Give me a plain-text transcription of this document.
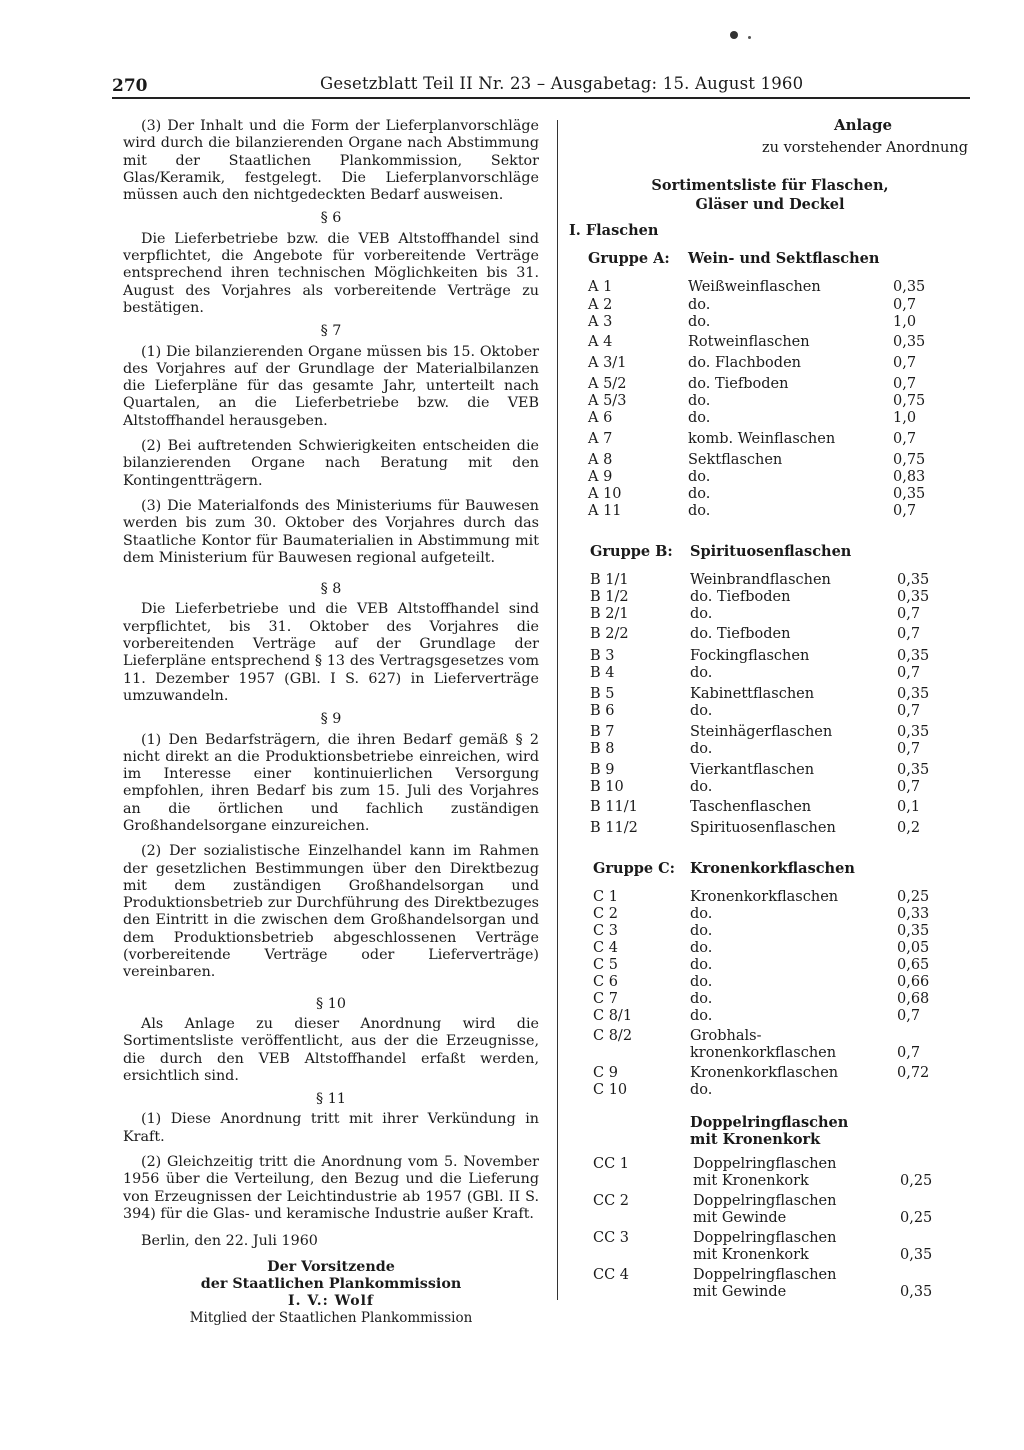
270	Gesetzblatt Teil II Nr. 23 – Ausgabetag: 15. August 1960

(3) Der Inhalt und die Form der Lieferplanvorschläge wird durch die bilanzierenden Organe nach Abstimmung mit der Staatlichen Plankommission, Sektor Glas/Keramik, festgelegt. Die Lieferplanvorschläge müssen auch den nichtgedeckten Bedarf ausweisen.

§ 6

Die Lieferbetriebe bzw. die VEB Altstoffhandel sind verpflichtet, die Angebote für vorbereitende Verträge entsprechend ihren technischen Möglichkeiten bis 31. August des Vorjahres als vorbereitende Verträge zu bestätigen.

§ 7

(1) Die bilanzierenden Organe müssen bis 15. Oktober des Vorjahres auf der Grundlage der Materialbilanzen die Lieferpläne für das gesamte Jahr, unterteilt nach Quartalen, an die Lieferbetriebe bzw. die VEB Altstoffhandel herausgeben.

(2) Bei auftretenden Schwierigkeiten entscheiden die bilanzierenden Organe nach Beratung mit den Kontingentträgern.

(3) Die Materialfonds des Ministeriums für Bauwesen werden bis zum 30. Oktober des Vorjahres durch das Staatliche Kontor für Baumaterialien in Abstimmung mit dem Ministerium für Bauwesen regional aufgeteilt.

§ 8

Die Lieferbetriebe und die VEB Altstoffhandel sind verpflichtet, bis 31. Oktober des Vorjahres die vorbereitenden Verträge auf der Grundlage der Lieferpläne entsprechend § 13 des Vertragsgesetzes vom 11. Dezember 1957 (GBl. I S. 627) in Lieferverträge umzuwandeln.

§ 9

(1) Den Bedarfsträgern, die ihren Bedarf gemäß § 2 nicht direkt an die Produktionsbetriebe einreichen, wird im Interesse einer kontinuierlichen Versorgung empfohlen, ihren Bedarf bis zum 15. Juli des Vorjahres an die örtlichen und fachlich zuständigen Großhandelsorgane einzureichen.

(2) Der sozialistische Einzelhandel kann im Rahmen der gesetzlichen Bestimmungen über den Direktbezug mit dem zuständigen Großhandelsorgan und Produktionsbetrieb zur Durchführung des Direktbezuges den Eintritt in die zwischen dem Großhandelsorgan und dem Produktionsbetrieb abgeschlossenen Verträge (vorbereitende Verträge oder Lieferverträge) vereinbaren.

§ 10

Als Anlage zu dieser Anordnung wird die Sortimentsliste veröffentlicht, aus der die Erzeugnisse, die durch den VEB Altstoffhandel erfaßt werden, ersichtlich sind.

§ 11

(1) Diese Anordnung tritt mit ihrer Verkündung in Kraft.

(2) Gleichzeitig tritt die Anordnung vom 5. November 1956 über die Verteilung, den Bezug und die Lieferung von Erzeugnissen der Leichtindustrie ab 1957 (GBl. II S. 394) für die Glas- und keramische Industrie außer Kraft.

Berlin, den 22. Juli 1960

Der Vorsitzende
der Staatlichen Plankommission
I. V.: Wolf
Mitglied der Staatlichen Plankommission
Anlage
zu vorstehender Anordnung
Sortimentsliste für Flaschen,
Gläser und Deckel
I. Flaschen
Gruppe A: Wein- und Sektflaschen
A 1	Weißweinflaschen	0,35
A 2	do.	0,7
A 3	do.	1,0
A 4	Rotweinflaschen	0,35
A 3/1	do. Flachboden	0,7
A 5/2	do. Tiefboden	0,7
A 5/3	do.	0,75
A 6	do.	1,0
A 7	komb. Weinflaschen	0,7
A 8	Sektflaschen	0,75
A 9	do.	0,83
A 10	do.	0,35
A 11	do.	0,7
Gruppe B: Spirituosenflaschen
B 1/1	Weinbrandflaschen	0,35
B 1/2	do. Tiefboden	0,35
B 2/1	do.	0,7
B 2/2	do. Tiefboden	0,7
B 3	Fockingflaschen	0,35
B 4	do.	0,7
B 5	Kabinettflaschen	0,35
B 6	do.	0,7
B 7	Steinhägerflaschen	0,35
B 8	do.	0,7
B 9	Vierkantflaschen	0,35
B 10	do.	0,7
B 11/1	Taschenflaschen	0,1
B 11/2	Spirituosenflaschen	0,2
Gruppe C: Kronenkorkflaschen
C 1	Kronenkorkflaschen	0,25
C 2	do.	0,33
C 3	do.	0,35
C 4	do.	0,05
C 5	do.	0,65
C 6	do.	0,66
C 7	do.	0,68
C 8/1	do.	0,7
C 8/2	Grobhals-
kronenkorkflaschen	0,7
C 9	Kronenkorkflaschen	0,72
C 10	do.
Doppelringflaschen
mit Kronenkork
CC 1	Doppelringflaschen
mit Kronenkork	0,25
CC 2	Doppelringflaschen
mit Gewinde	0,25
CC 3	Doppelringflaschen
mit Kronenkork	0,35
CC 4	Doppelringflaschen
mit Gewinde	0,35
